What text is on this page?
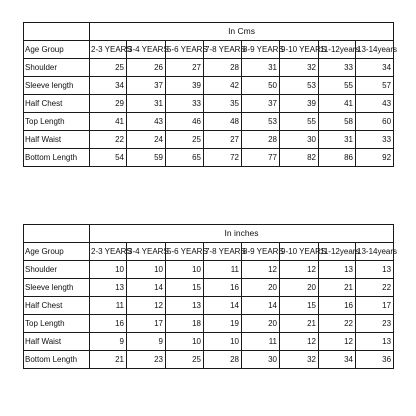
	In Cms							
Age Group	2-3 YEARS	3-4 YEARS	5-6 YEARS	7-8 YEARS	8-9 YEARS	9-10 YEARS	11-12years	13-14years
Shoulder	25	26	27	28	31	32	33	34
Sleeve length	34	37	39	42	50	53	55	57
Half Chest	29	31	33	35	37	39	41	43
Top Length	41	43	46	48	53	55	58	60
Half Waist	22	24	25	27	28	30	31	33
Bottom Length	54	59	65	72	77	82	86	92
	In inches							
Age Group	2-3 YEARS	3-4 YEARS	5-6 YEARS	7-8 YEARS	8-9 YEARS	9-10 YEARS	11-12years	13-14years
Shoulder	10	10	10	11	12	12	13	13
Sleeve length	13	14	15	16	20	20	21	22
Half Chest	11	12	13	14	14	15	16	17
Top Length	16	17	18	19	20	21	22	23
Half Waist	9	9	10	10	11	12	12	13
Bottom Length	21	23	25	28	30	32	34	36
